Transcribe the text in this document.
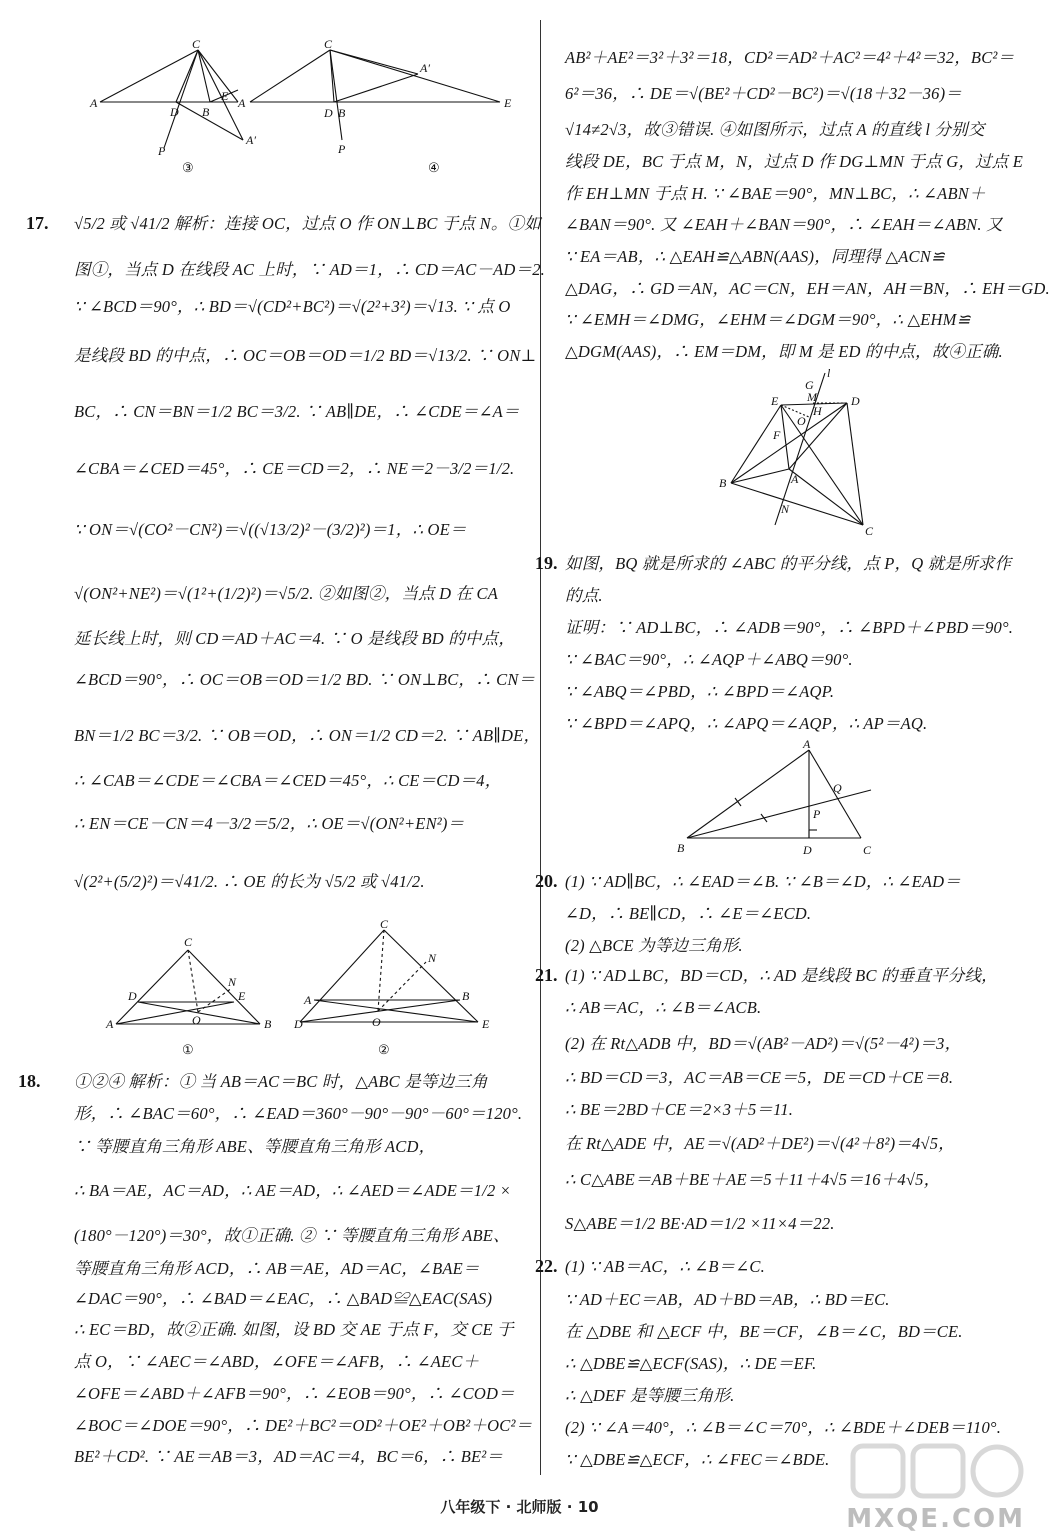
C
A
D B
E
A′
P
③
C
A
D B
A′
E
P
④
17. √5/2 或 √41/2 解析：连接 OC，过点 O 作 ON⊥BC 于点 N。①如
图①，当点 D 在线段 AC 上时，∵ AD＝1，∴ CD＝AC－AD＝2.
∵ ∠BCD＝90°，∴ BD＝√(CD²+BC²)＝√(2²+3²)＝√13. ∵ 点 O
是线段 BD 的中点，∴ OC＝OB＝OD＝1/2 BD＝√13/2. ∵ ON⊥
BC，∴ CN＝BN＝1/2 BC＝3/2. ∵ AB∥DE，∴ ∠CDE＝∠A＝
∠CBA＝∠CED＝45°，∴ CE＝CD＝2，∴ NE＝2－3/2＝1/2.
∵ ON＝√(CO²－CN²)＝√((√13/2)²－(3/2)²)＝1，∴ OE＝
√(ON²+NE²)＝√(1²+(1/2)²)＝√5/2. ②如图②，当点 D 在 CA
延长线上时，则 CD＝AD＋AC＝4. ∵ O 是线段 BD 的中点，
∠BCD＝90°，∴ OC＝OB＝OD＝1/2 BD. ∵ ON⊥BC，∴ CN＝
BN＝1/2 BC＝3/2. ∵ OB＝OD，∴ ON＝1/2 CD＝2. ∵ AB∥DE，
∴ ∠CAB＝∠CDE＝∠CBA＝∠CED＝45°，∴ CE＝CD＝4，
∴ EN＝CE－CN＝4－3/2＝5/2，∴ OE＝√(ON²+EN²)＝
√(2²+(5/2)²)＝√41/2. ∴ OE 的长为 √5/2 或 √41/2.
C
A
D
B
E
N
O
①
C
A
D
B
E
N
O
②
18. ①②④ 解析：① 当 AB＝AC＝BC 时，△ABC 是等边三角
形，∴ ∠BAC＝60°，∴ ∠EAD＝360°－90°－90°－60°＝120°.
∵ 等腰直角三角形 ABE、等腰直角三角形 ACD，
∴ BA＝AE，AC＝AD，∴ AE＝AD，∴ ∠AED＝∠ADE＝1/2 ×
(180°－120°)＝30°，故①正确. ② ∵ 等腰直角三角形 ABE、
等腰直角三角形 ACD，∴ AB＝AE，AD＝AC，∠BAE＝
∠DAC＝90°，∴ ∠BAD＝∠EAC，∴ △BAD≌△EAC(SAS)
∴ EC＝BD，故②正确. 如图，设 BD 交 AE 于点 F，交 CE 于
点 O，∵ ∠AEC＝∠ABD，∠OFE＝∠AFB，∴ ∠AEC＋
∠OFE＝∠ABD＋∠AFB＝90°，∴ ∠EOB＝90°，∴ ∠COD＝
∠BOC＝∠DOE＝90°，∴ DE²＋BC²＝OD²＋OE²＋OB²＋OC²＝
BE²＋CD². ∵ AE＝AB＝3，AD＝AC＝4，BC＝6，∴ BE²＝
AB²＋AE²＝3²＋3²＝18，CD²＝AD²＋AC²＝4²＋4²＝32，BC²＝
6²＝36，∴ DE＝√(BE²＋CD²－BC²)＝√(18＋32－36)＝
√14≠2√3，故③错误. ④如图所示，过点 A 的直线 l 分别交
线段 DE，BC 于点 M，N，过点 D 作 DG⊥MN 于点 G，过点 E
作 EH⊥MN 于点 H. ∵ ∠BAE＝90°，MN⊥BC，∴ ∠ABN＋
∠BAN＝90°. 又 ∠EAH＋∠BAN＝90°，∴ ∠EAH＝∠ABN. 又
∵ EA＝AB，∴ △EAH≌△ABN(AAS)，同理得 △ACN≌
△DAG，∴ GD＝AN，AC＝CN，EH＝AN，AH＝BN，∴ EH＝GD.
∵ ∠EMH＝∠DMG，∠EHM＝∠DGM＝90°，∴ △EHM≌
△DGM(AAS)，∴ EM＝DM，即 M 是 ED 的中点，故④正确.
l
G
E	D
M
H
O
F
B	A
N
C
19. 如图，BQ 就是所求的 ∠ABC 的平分线，点 P，Q 就是所求作
的点.
证明：∵ AD⊥BC，∴ ∠ADB＝90°，∴ ∠BPD＋∠PBD＝90°.
∵ ∠BAC＝90°，∴ ∠AQP＋∠ABQ＝90°.
∵ ∠ABQ＝∠PBD，∴ ∠BPD＝∠AQP.
∵ ∠BPD＝∠APQ，∴ ∠APQ＝∠AQP，∴ AP＝AQ.
A
B	D	C
Q
P
20. (1) ∵ AD∥BC，∴ ∠EAD＝∠B. ∵ ∠B＝∠D，∴ ∠EAD＝
∠D，∴ BE∥CD，∴ ∠E＝∠ECD.
(2) △BCE 为等边三角形.
21. (1) ∵ AD⊥BC，BD＝CD，∴ AD 是线段 BC 的垂直平分线，
∴ AB＝AC，∴ ∠B＝∠ACB.
(2) 在 Rt△ADB 中，BD＝√(AB²－AD²)＝√(5²－4²)＝3，
∴ BD＝CD＝3，AC＝AB＝CE＝5，DE＝CD＋CE＝8.
∴ BE＝2BD＋CE＝2×3＋5＝11.
在 Rt△ADE 中，AE＝√(AD²＋DE²)＝√(4²＋8²)＝4√5，
∴ C△ABE＝AB＋BE＋AE＝5＋11＋4√5＝16＋4√5，
S△ABE＝1/2 BE·AD＝1/2 ×11×4＝22.
22. (1) ∵ AB＝AC，∴ ∠B＝∠C.
∵ AD＋EC＝AB，AD＋BD＝AB，∴ BD＝EC.
在 △DBE 和 △ECF 中，BE＝CF，∠B＝∠C，BD＝CE.
∴ △DBE≌△ECF(SAS)，∴ DE＝EF.
∴ △DEF 是等腰三角形.
(2) ∵ ∠A＝40°，∴ ∠B＝∠C＝70°，∴ ∠BDE＋∠DEB＝110°.
∵ △DBE≌△ECF，∴ ∠FEC＝∠BDE.
八年级下 · 北师版 · 10	MXQE.COM
